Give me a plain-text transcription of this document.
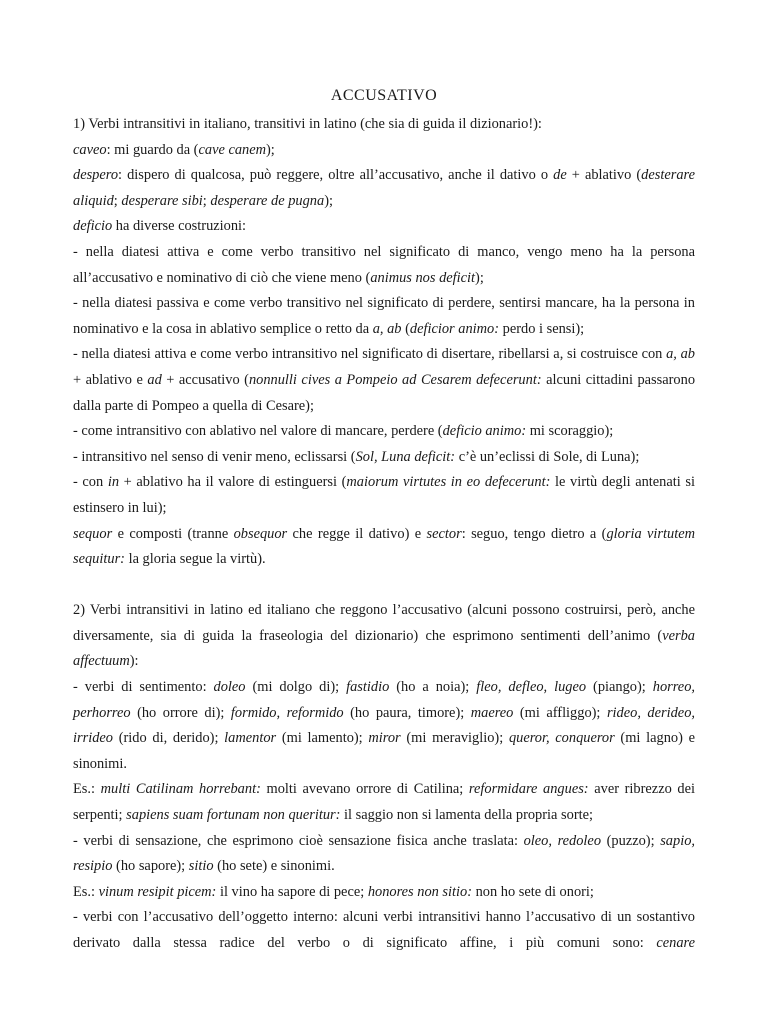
ACCUSATIVO

1) Verbi intransitivi in italiano, transitivi in latino (che sia di guida il dizionario!):

caveo: mi guardo da (cave canem);

despero: dispero di qualcosa, può reggere, oltre all’accusativo, anche il dativo o de + ablativo (desterare aliquid; desperare sibi; desperare de pugna);

deficio ha diverse costruzioni:

- nella diatesi attiva e come verbo transitivo nel significato di manco, vengo meno ha la persona all’accusativo e nominativo di ciò che viene meno (animus nos deficit);

- nella diatesi passiva e come verbo transitivo nel significato di perdere, sentirsi mancare, ha la persona in nominativo e la cosa in ablativo semplice o retto da a, ab (deficior animo: perdo i sensi);

- nella diatesi attiva e come verbo intransitivo nel significato di disertare, ribellarsi a, si costruisce con a, ab + ablativo e ad + accusativo (nonnulli cives a Pompeio ad Cesarem defecerunt: alcuni cittadini passarono dalla parte di Pompeo a quella di Cesare);

- come intransitivo con ablativo nel valore di mancare, perdere (deficio animo: mi scoraggio);

- intransitivo nel senso di venir meno, eclissarsi (Sol, Luna deficit: c’è un’eclissi di Sole, di Luna);

- con in + ablativo ha il valore di estinguersi (maiorum virtutes in eo defecerunt: le virtù degli antenati si estinsero in lui);

sequor e composti (tranne obsequor che regge il dativo) e sector: seguo, tengo dietro a (gloria virtutem sequitur: la gloria segue la virtù).

2) Verbi intransitivi in latino ed italiano che reggono l’accusativo (alcuni possono costruirsi, però, anche diversamente, sia di guida la fraseologia del dizionario) che esprimono sentimenti dell’animo (verba affectuum):

- verbi di sentimento: doleo (mi dolgo di); fastidio (ho a noia); fleo, defleo, lugeo (piango); horreo, perhorreo (ho orrore di); formido, reformido (ho paura, timore); maereo (mi affliggo); rideo, derideo, irrideo (rido di, derido); lamentor (mi lamento); miror (mi meraviglio); queror, conqueror (mi lagno) e sinonimi.

Es.: multi Catilinam horrebant: molti avevano orrore di Catilina; reformidare angues: aver ribrezzo dei serpenti; sapiens suam fortunam non queritur: il saggio non si lamenta della propria sorte;

- verbi di sensazione, che esprimono cioè sensazione fisica anche traslata: oleo, redoleo (puzzo); sapio, resipio (ho sapore); sitio (ho sete) e sinonimi.

Es.: vinum resipit picem: il vino ha sapore di pece; honores non sitio: non ho sete di onori;

- verbi con l’accusativo dell’oggetto interno: alcuni verbi intransitivi hanno l’accusativo di un sostantivo derivato dalla stessa radice del verbo o di significato affine, i più comuni sono: cenare
